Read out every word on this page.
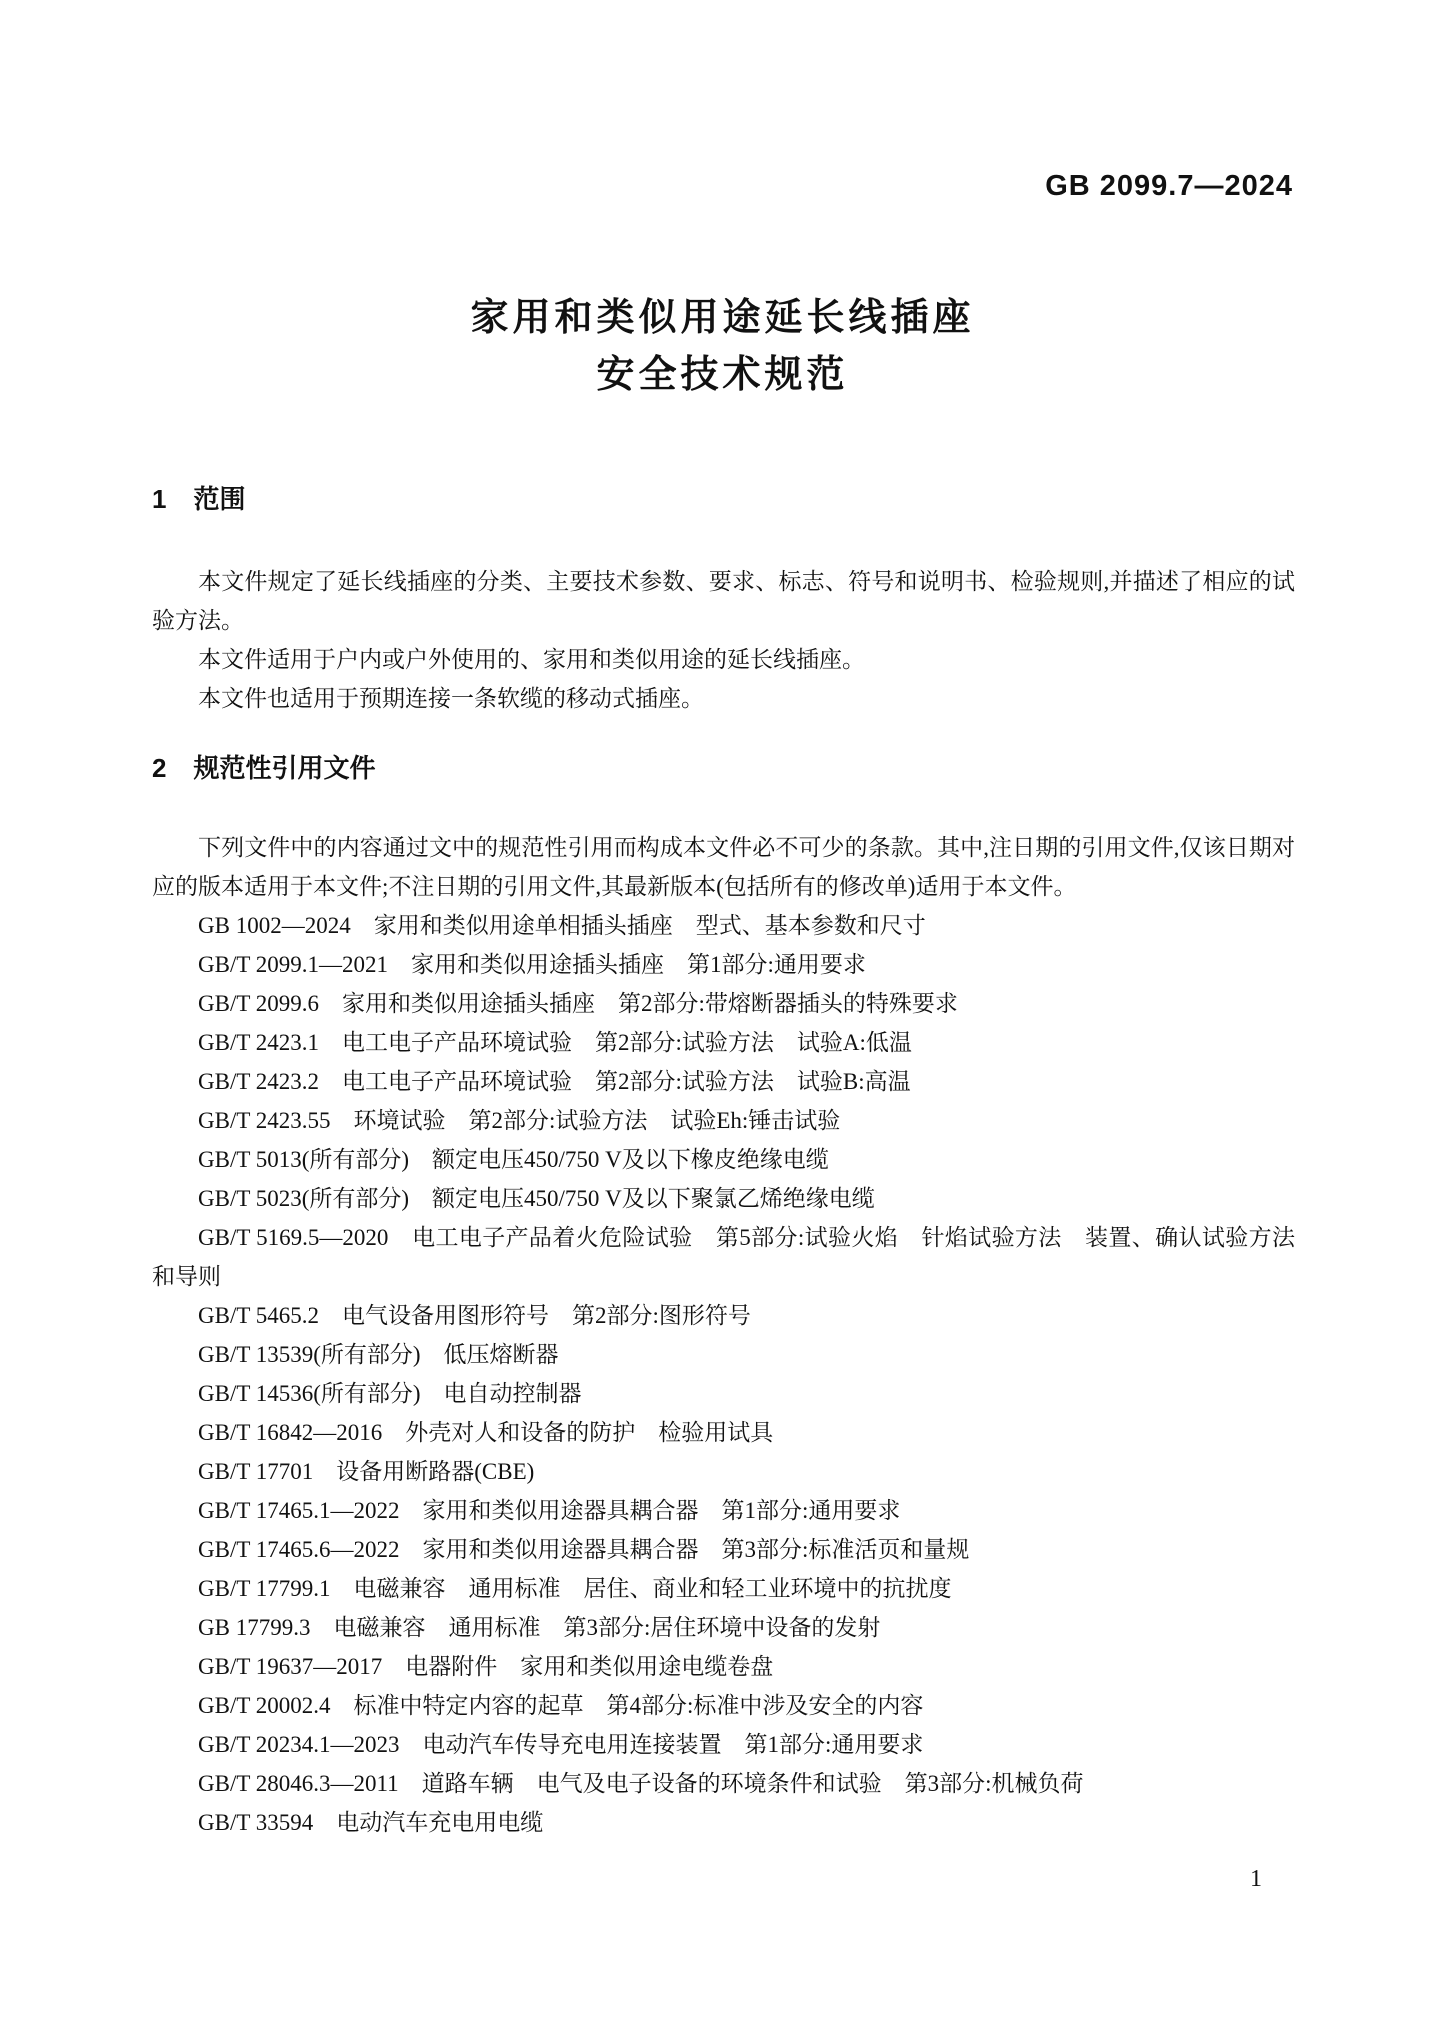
GB 2099.7—2024
家用和类似用途延长线插座
安全技术规范
1 范围

本文件规定了延长线插座的分类、主要技术参数、要求、标志、符号和说明书、检验规则,并描述了相应的试验方法。

本文件适用于户内或户外使用的、家用和类似用途的延长线插座。

本文件也适用于预期连接一条软缆的移动式插座。

2 规范性引用文件

下列文件中的内容通过文中的规范性引用而构成本文件必不可少的条款。其中,注日期的引用文件,仅该日期对应的版本适用于本文件;不注日期的引用文件,其最新版本(包括所有的修改单)适用于本文件。

GB 1002—2024　家用和类似用途单相插头插座　型式、基本参数和尺寸

GB/T 2099.1—2021　家用和类似用途插头插座　第1部分:通用要求

GB/T 2099.6　家用和类似用途插头插座　第2部分:带熔断器插头的特殊要求

GB/T 2423.1　电工电子产品环境试验　第2部分:试验方法　试验A:低温

GB/T 2423.2　电工电子产品环境试验　第2部分:试验方法　试验B:高温

GB/T 2423.55　环境试验　第2部分:试验方法　试验Eh:锤击试验

GB/T 5013(所有部分)　额定电压450/750 V及以下橡皮绝缘电缆

GB/T 5023(所有部分)　额定电压450/750 V及以下聚氯乙烯绝缘电缆

GB/T 5169.5—2020　电工电子产品着火危险试验　第5部分:试验火焰　针焰试验方法　装置、确认试验方法和导则

GB/T 5465.2　电气设备用图形符号　第2部分:图形符号

GB/T 13539(所有部分)　低压熔断器

GB/T 14536(所有部分)　电自动控制器

GB/T 16842—2016　外壳对人和设备的防护　检验用试具

GB/T 17701　设备用断路器(CBE)

GB/T 17465.1—2022　家用和类似用途器具耦合器　第1部分:通用要求

GB/T 17465.6—2022　家用和类似用途器具耦合器　第3部分:标准活页和量规

GB/T 17799.1　电磁兼容　通用标准　居住、商业和轻工业环境中的抗扰度

GB 17799.3　电磁兼容　通用标准　第3部分:居住环境中设备的发射

GB/T 19637—2017　电器附件　家用和类似用途电缆卷盘

GB/T 20002.4　标准中特定内容的起草　第4部分:标准中涉及安全的内容

GB/T 20234.1—2023　电动汽车传导充电用连接装置　第1部分:通用要求

GB/T 28046.3—2011　道路车辆　电气及电子设备的环境条件和试验　第3部分:机械负荷

GB/T 33594　电动汽车充电用电缆

1
